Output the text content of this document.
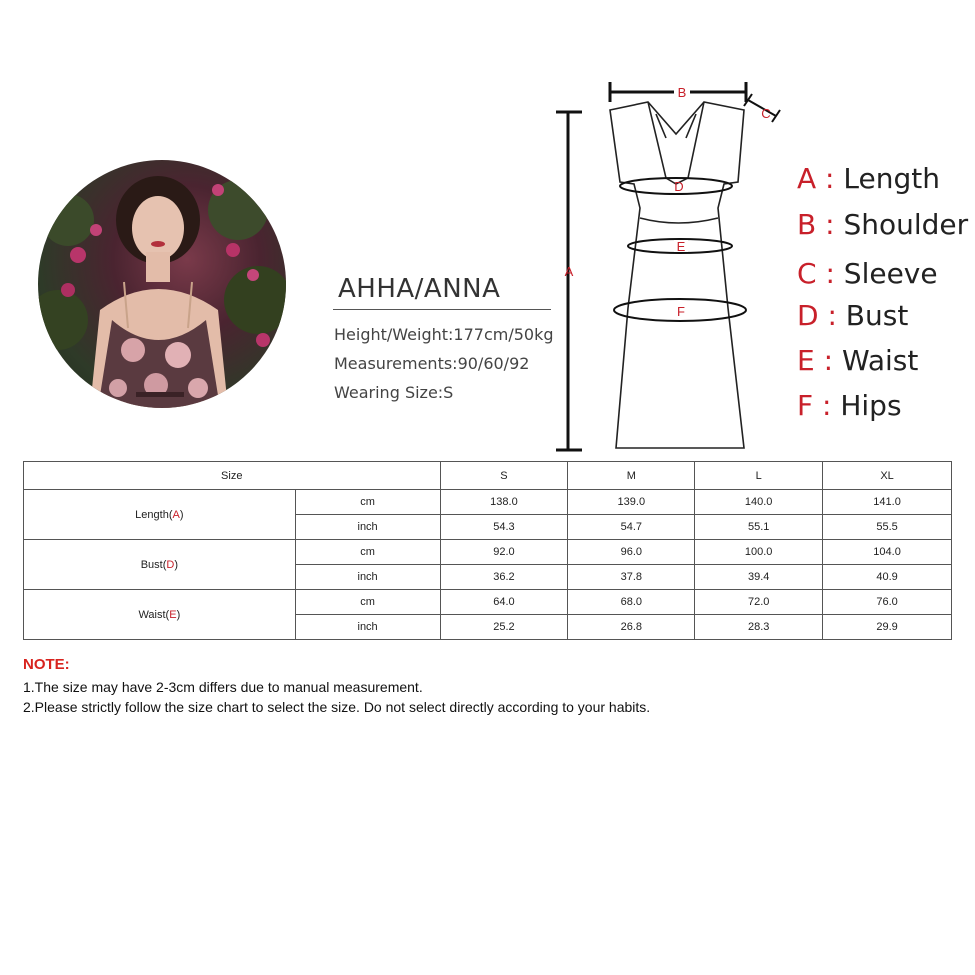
AHHA/ANNA
Height/Weight:177cm/50kg
Measurements:90/60/92
Wearing Size:S
A
B
C
D
E
F
A : Length
B : Shoulder
C : Sleeve
D : Bust
E : Waist
F : Hips
Size		S	M	L	XL
Length(A)	cm	138.0	139.0	140.0	141.0
	inch	54.3	54.7	55.1	55.5
Bust(D)	cm	92.0	96.0	100.0	104.0
	inch	36.2	37.8	39.4	40.9
Waist(E)	cm	64.0	68.0	72.0	76.0
	inch	25.2	26.8	28.3	29.9
NOTE:
1.The size may have 2-3cm differs due to manual measurement.
2.Please strictly follow the size chart to select the size. Do not select directly according to your habits.
